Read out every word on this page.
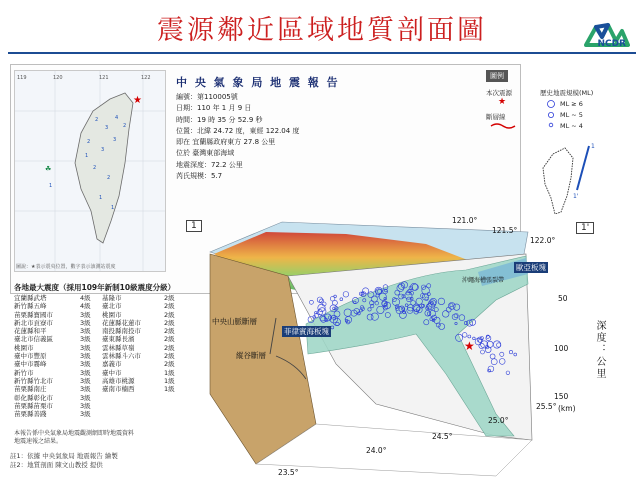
震源鄰近區域地質剖面圖	NCDR
2
3
4
2
3
3
2
2
1
1
2
1
☘
1
★
119	120	121	122
圖說：★表示震央位置，數字表示該測站震度
中 央 氣 象 局 地 震 報 告
編號：第110005號
日期：110 年 1 月 9 日
時間：19 時 35 分 52.9 秒
位置：北緯 24.72 度，東經 122.04 度
即在 宜蘭縣政府東方 27.8 公里
位於 臺灣東部海域
地震深度：72.2 公里
芮氏規模：5.7
各地最大震度（採用109年新制10級震度分級）
宜蘭縣武塔	4級	基隆市	2級
新竹縣五峰	4級	臺北市	2級
苗栗縣寶國市	3級	桃園市	2級
新北市貢寮市	3級	花蓮縣花蓮市	2級
花蓮縣和平	3級	南投縣南投市	2級
臺北市信義區	3級	臺東縣長濱	2級
桃園市	3級	雲林縣草嶺	2級
臺中市豐原	3級	雲林縣斗六市	2級
臺中市霧峰	3級	嘉義市	2級
新竹市	3級	臺中市	1級
新竹縣竹北市	3級	高雄市桃源	1級
苗栗縣南庄	3級	臺南市楠西	1級
彰化縣彰化市	3級
苗栗縣苗栗市	3級
苗栗縣善踐	3級
本報告係中央氣象局地震觀測網即時地震資料
地震速報之結果。
註1：依據 中央氣象局 地震報告 繪製
註2：地質剖面 陳文山教授 提供
圖例
本次震源
★
斷層線
歷史地震規模(ML)
ML ≥ 6
ML ~ 5
ML ~ 4
1
1'
1	1'
★
中央山脈斷層
縱谷斷層
菲律賓海板塊
歐亞板塊
沖繩海槽張裂帶
深度：公里
50
100
150
(km)
121.0°
121.5°
122.0°
23.5°
24.0°
24.5°
25.0°
25.5°
